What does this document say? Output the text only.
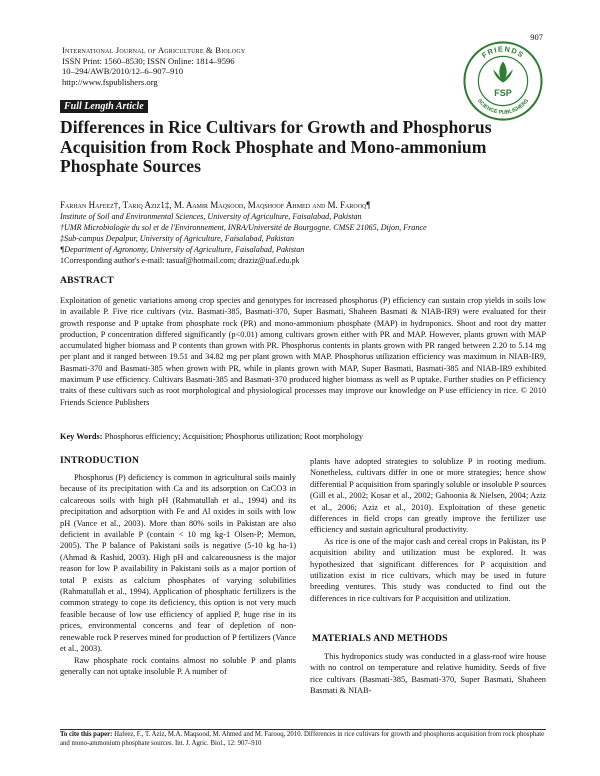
907
International Journal of Agriculture & Biology
ISSN Print: 1560–8530; ISSN Online: 1814–9596
10–294/AWB/2010/12–6–907–910
http://www.fspublishers.org
FRIENDS
SCIENCE PUBLISHERS
FSP
Full Length Article
Differences in Rice Cultivars for Growth and Phosphorus
Acquisition from Rock Phosphate and Mono-ammonium
Phosphate Sources
Farhan Hafeez†, Tariq Aziz1‡, M. Aamir Maqsood, Maqshoof Ahmed and M. Farooq¶
Institute of Soil and Environmental Sciences, University of Agriculture, Faisalabad, Pakistan
†UMR Microbiologie du sol et de l'Environnement, INRA/Université de Bourgogne. CMSE 21065, Dijon, France
‡Sub-campus Depalpur, University of Agriculture, Faisalabad, Pakistan
¶Department of Agronomy, University of Agriculture, Faisalabad, Pakistan
1Corresponding author's e-mail: tasuaf@hotmail.com; draziz@uaf.edu.pk
ABSTRACT
Exploitation of genetic variations among crop species and genotypes for increased phosphorus (P) efficiency can sustain crop yields in soils low in available P. Five rice cultivars (viz. Basmati-385, Basmati-370, Super Basmati, Shaheen Basmati & NIAB-IR9) were evaluated for their growth response and P uptake from phosphate rock (PR) and mono-ammonium phosphate (MAP) in hydroponics. Shoot and root dry matter production, P concentration differed significantly (p<0.01) among cultivars grown either with PR and MAP. However, plants grown with MAP accumulated higher biomass and P contents than grown with PR. Phosphorus contents in plants grown with PR ranged between 2.20 to 5.14 mg per plant and it ranged between 19.51 and 34.82 mg per plant grown with MAP. Phosphorus utilization efficiency was maximum in NIAB-IR9, Basmati-370 and Basmati-385 when grown with PR, while in plants grown with MAP, Super Basmati, Basmati-385 and NIAB-IR9 exhibited maximum P use efficiency. Cultivars Basmati-385 and Basmati-370 produced higher biomass as well as P uptake. Further studies on P efficiency traits of these cultivars such as root morphological and physiological processes may improve our knowledge on P use efficiency in rice. © 2010 Friends Science Publishers
Key Words: Phosphorus efficiency; Acquisition; Phosphorus utilization; Root morphology
INTRODUCTION

Phosphorus (P) deficiency is common in agricultural soils mainly because of its precipitation with Ca and its adsorption on CaCO3 in calcareous soils with high pH (Rahmatullah et al., 1994) and its precipitation and adsorption with Fe and Al oxides in soils with low pH (Vance et al., 2003). More than 80% soils in Pakistan are also deficient in available P (contain < 10 mg kg-1 Olsen-P; Memon, 2005). The P balance of Pakistani soils is negative (5-10 kg ha-1) (Ahmad & Rashid, 2003). High pH and calcareousness is the major reason for low P availability in Pakistani soils as a major portion of total P exists as calcium phosphates of varying solubilities (Rahmatullah et al., 1994). Application of phosphatic fertilizers is the common strategy to cope its deficiency, this option is not very much feasible because of low use efficiency of applied P, huge rise in its prices, environmental concerns and fear of depletion of non-renewable rock P reserves mined for production of P fertilizers (Vance et al., 2003).

Raw phosphate rock contains almost no soluble P and plants generally can not uptake insoluble P. A number of

plants have adopted strategies to solublize P in rooting medium. Nonetheless, cultivars differ in one or more strategies; hence show differential P acquisition from sparingly soluble or insoluble P sources (Gill et al., 2002; Kosar et al., 2002; Gahoonia & Nielsen, 2004; Aziz et al., 2006; Aziz et al., 2010). Exploitation of these genetic differences in field crops can greatly improve the fertilizer use efficiency and sustain agricultural productivity.

As rice is one of the major cash and cereal crops in Pakistan, its P acquisition ability and utilization must be explored. It was hypothesized that significant differences for P acquisition and utilization exist in rice cultivars, which may be used in future breeding ventures. This study was conducted to find out the differences in rice cultivars for P acquisition and utilization.

MATERIALS AND METHODS

This hydroponics study was conducted in a glass-roof wire house with no control on temperature and relative humidity. Seeds of five rice cultivars (Basmati-385, Basmati-370, Super Basmati, Shaheen Basmati & NIAB-

To cite this paper: Hafeez, F., T. Aziz, M.A. Maqsood, M. Ahmed and M. Farooq, 2010. Differences in rice cultivars for growth and phosphorus acquisition from rock phosphate and mono-ammonium phosphate sources. Int. J. Agric. Biol., 12: 907–910
